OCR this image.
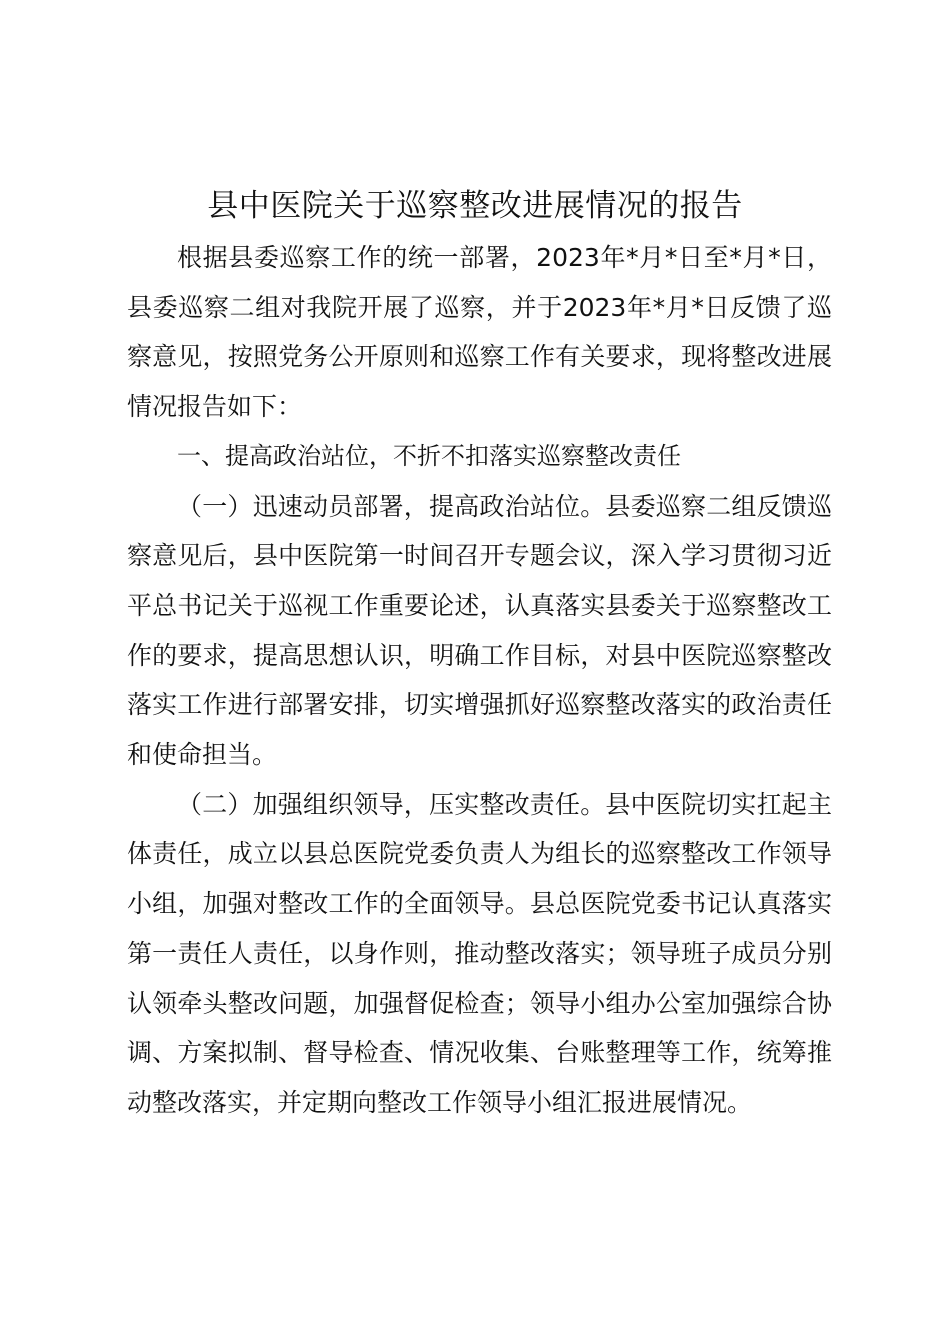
县中医院关于巡察整改进展情况的报告

根据县委巡察工作的统一部署，2023年*月*日至*月*日，县委巡察二组对我院开展了巡察，并于2023年*月*日反馈了巡察意见，按照党务公开原则和巡察工作有关要求，现将整改进展情况报告如下：

一、提高政治站位，不折不扣落实巡察整改责任

（一）迅速动员部署，提高政治站位。县委巡察二组反馈巡察意见后，县中医院第一时间召开专题会议，深入学习贯彻习近平总书记关于巡视工作重要论述，认真落实县委关于巡察整改工作的要求，提高思想认识，明确工作目标，对县中医院巡察整改落实工作进行部署安排，切实增强抓好巡察整改落实的政治责任和使命担当。

（二）加强组织领导，压实整改责任。县中医院切实扛起主体责任，成立以县总医院党委负责人为组长的巡察整改工作领导小组，加强对整改工作的全面领导。县总医院党委书记认真落实第一责任人责任，以身作则，推动整改落实；领导班子成员分别认领牵头整改问题，加强督促检查；领导小组办公室加强综合协调、方案拟制、督导检查、情况收集、台账整理等工作，统筹推动整改落实，并定期向整改工作领导小组汇报进展情况。
